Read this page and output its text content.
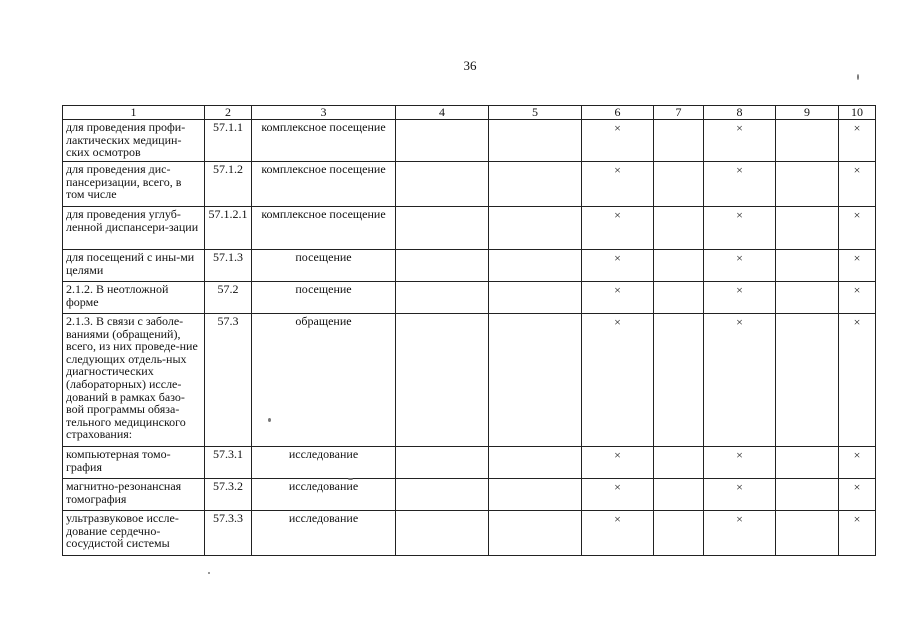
36
1	2	3	4	5	6	7	8	9	10
для проведения профи-лактических медицин-ских осмотров	57.1.1	комплексное посещение			×		×		×
для проведения дис-пансеризации, всего, в том числе	57.1.2	комплексное посещение			×		×		×
для проведения углуб-ленной диспансери-зации	57.1.2.1	комплексное посещение			×		×		×
для посещений с ины-ми целями	57.1.3	посещение			×		×		×
2.1.2. В неотложной форме	57.2	посещение			×		×		×
2.1.3. В связи с заболе-ваниями (обращений), всего, из них проведе-ние следующих отдель-ных диагностических (лабораторных) иссле-дований в рамках базо-вой программы обяза-тельного медицинского страхования:	57.3	обращение			×		×		×
компьютерная томо-графия	57.3.1	исследование			×		×		×
магнитно-резонансная томография	57.3.2	исследование			×		×		×
ультразвуковое иссле-дование сердечно-сосудистой системы	57.3.3	исследование			×		×		×
